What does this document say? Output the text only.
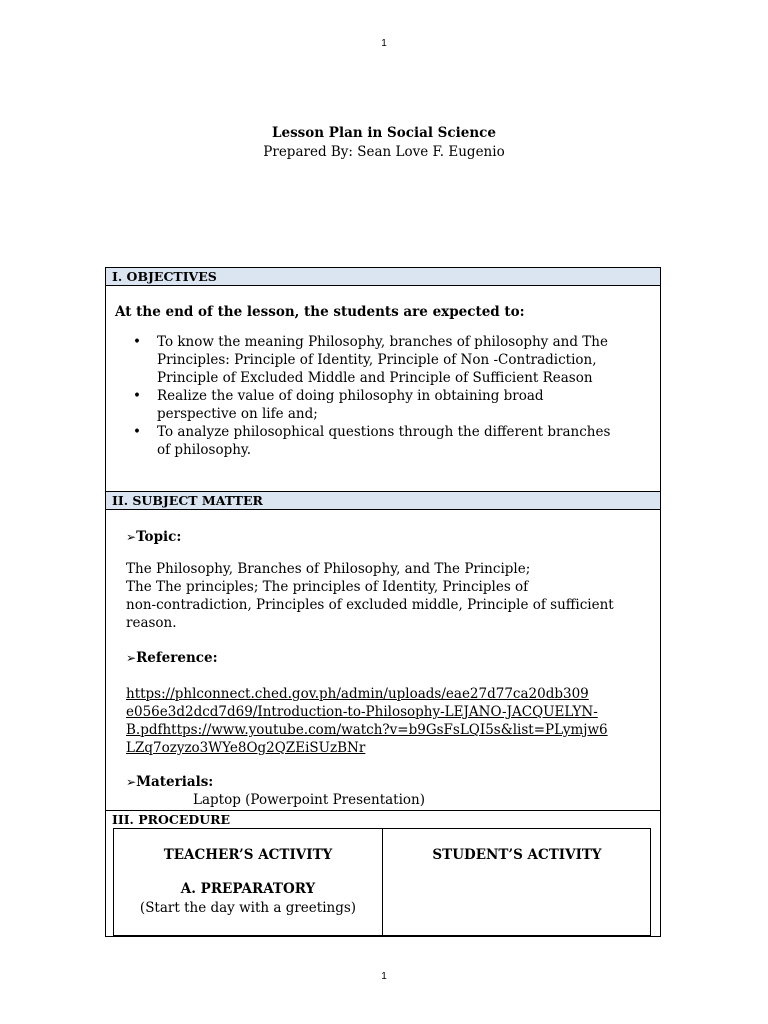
1
Lesson Plan in Social Science
Prepared By: Sean Love F. Eugenio
I. OBJECTIVES
At the end of the lesson, the students are expected to:
• To know the meaning Philosophy, branches of philosophy and The
Principles: Principle of Identity, Principle of Non -Contradiction,
Principle of Excluded Middle and Principle of Sufficient Reason
• Realize the value of doing philosophy in obtaining broad
perspective on life and;
• To analyze philosophical questions through the different branches
of philosophy.
II. SUBJECT MATTER
➢Topic:
The Philosophy, Branches of Philosophy, and The Principle;
The The principles; The principles of Identity, Principles of
non-contradiction, Principles of excluded middle, Principle of sufficient
reason.
➢Reference:
https://phlconnect.ched.gov.ph/admin/uploads/eae27d77ca20db309
e056e3d2dcd7d69/Introduction-to-Philosophy-LEJANO-JACQUELYN-
B.pdfhttps://www.youtube.com/watch?v=b9GsFsLQI5s&list=PLymjw6
LZq7ozyzo3WYe8Og2QZEiSUzBNr
➢Materials:
Laptop (Powerpoint Presentation)
III. PROCEDURE
TEACHER’S ACTIVITY	STUDENT’S ACTIVITY
A. PREPARATORY
(Start the day with a greetings)
1
